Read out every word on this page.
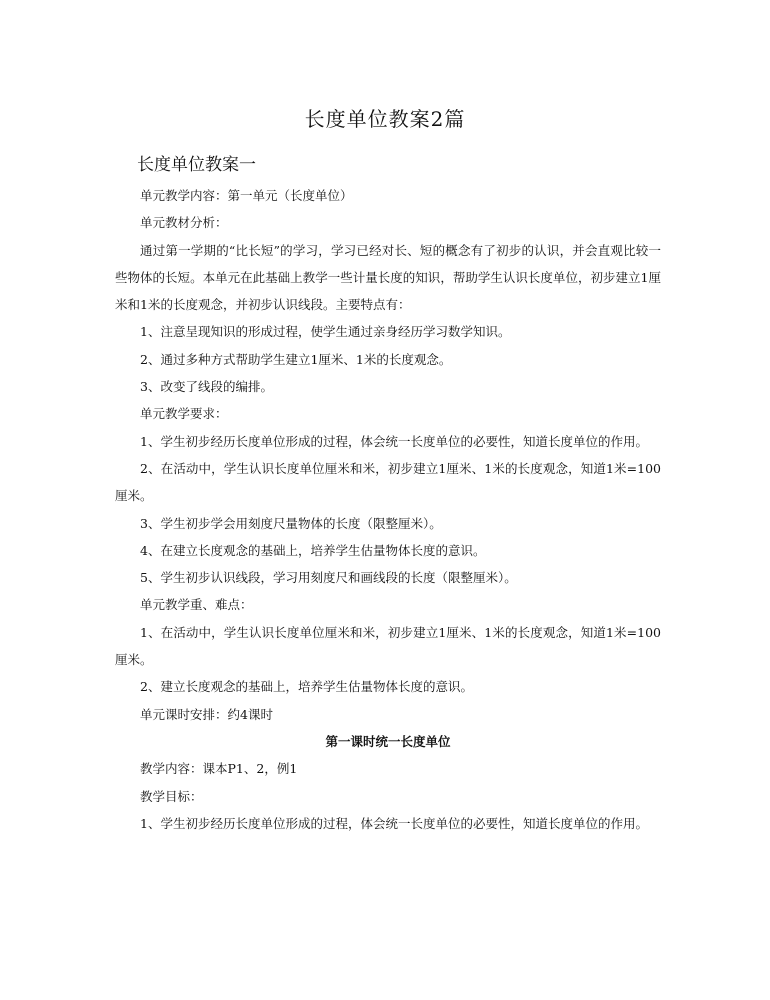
长度单位教案2篇
长度单位教案一

单元教学内容：第一单元（长度单位）

单元教材分析：

通过第一学期的“比长短”的学习，学习已经对长、短的概念有了初步的认识，并会直观比较一些物体的长短。本单元在此基础上教学一些计量长度的知识，帮助学生认识长度单位，初步建立1厘米和1米的长度观念，并初步认识线段。主要特点有：

1、注意呈现知识的形成过程，使学生通过亲身经历学习数学知识。

2、通过多种方式帮助学生建立1厘米、1米的长度观念。

3、改变了线段的编排。

单元教学要求：

1、学生初步经历长度单位形成的过程，体会统一长度单位的必要性，知道长度单位的作用。

2、在活动中，学生认识长度单位厘米和米，初步建立1厘米、1米的长度观念，知道1米=100厘米。

3、学生初步学会用刻度尺量物体的长度（限整厘米）。

4、在建立长度观念的基础上，培养学生估量物体长度的意识。

5、学生初步认识线段，学习用刻度尺和画线段的长度（限整厘米）。

单元教学重、难点：

1、在活动中，学生认识长度单位厘米和米，初步建立1厘米、1米的长度观念，知道1米=100厘米。

2、建立长度观念的基础上，培养学生估量物体长度的意识。

单元课时安排：约4课时

第一课时统一长度单位

教学内容：课本P1、2，例1

教学目标：

1、学生初步经历长度单位形成的过程，体会统一长度单位的必要性，知道长度单位的作用。
